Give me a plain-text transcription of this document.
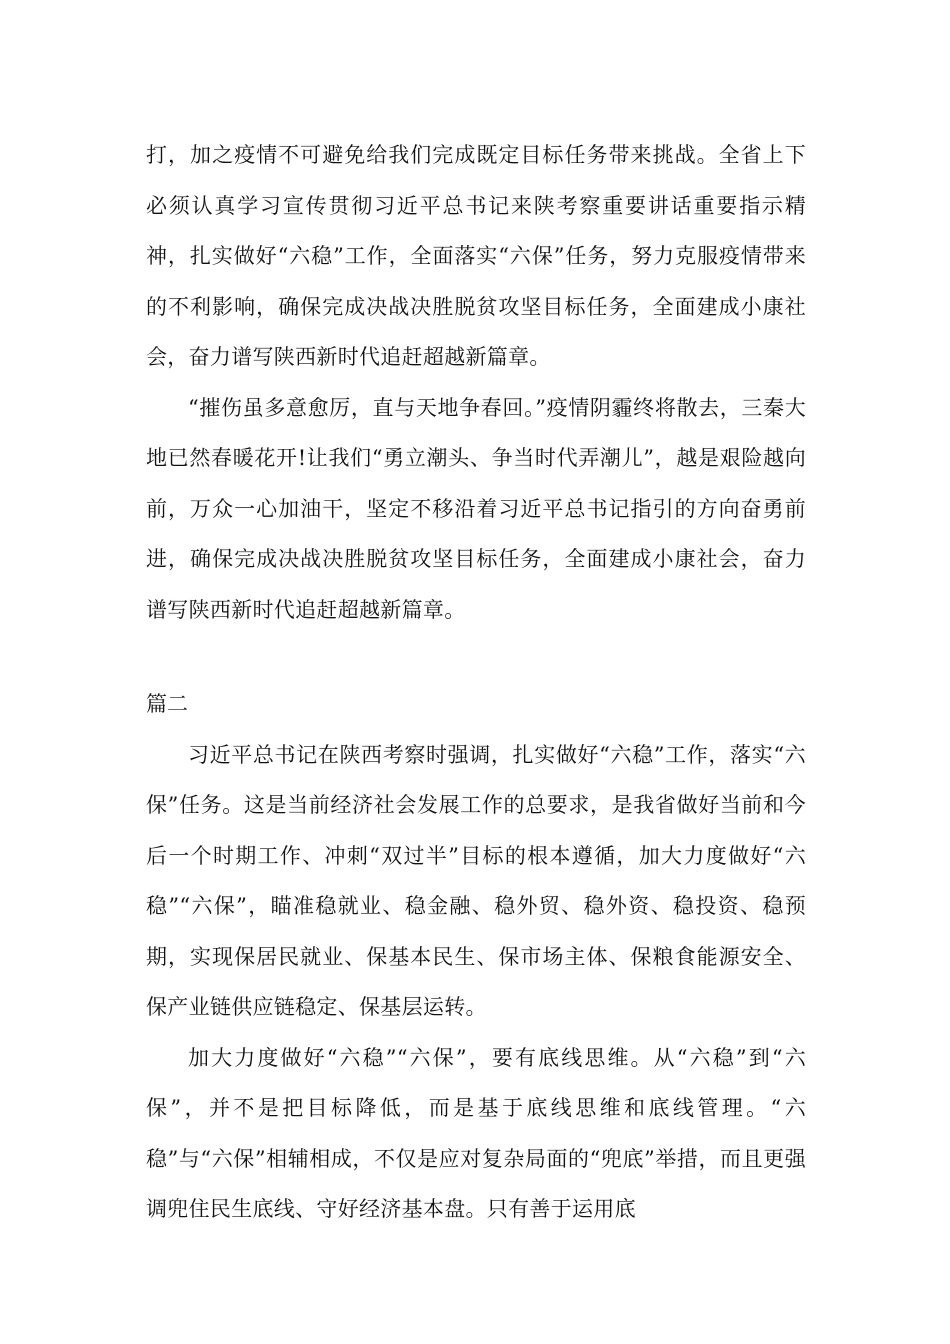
打，加之疫情不可避免给我们完成既定目标任务带来挑战。全省上下必须认真学习宣传贯彻习近平总书记来陕考察重要讲话重要指示精神，扎实做好“六稳”工作，全面落实“六保”任务，努力克服疫情带来的不利影响，确保完成决战决胜脱贫攻坚目标任务，全面建成小康社会，奋力谱写陕西新时代追赶超越新篇章。

“摧伤虽多意愈厉，直与天地争春回。”疫情阴霾终将散去，三秦大地已然春暖花开!让我们“勇立潮头、争当时代弄潮儿”，越是艰险越向前，万众一心加油干，坚定不移沿着习近平总书记指引的方向奋勇前进，确保完成决战决胜脱贫攻坚目标任务，全面建成小康社会，奋力谱写陕西新时代追赶超越新篇章。

篇二

习近平总书记在陕西考察时强调，扎实做好“六稳”工作，落实“六保”任务。这是当前经济社会发展工作的总要求，是我省做好当前和今后一个时期工作、冲刺“双过半”目标的根本遵循，加大力度做好“六稳”“六保”，瞄准稳就业、稳金融、稳外贸、稳外资、稳投资、稳预期，实现保居民就业、保基本民生、保市场主体、保粮食能源安全、保产业链供应链稳定、保基层运转。

加大力度做好“六稳”“六保”，要有底线思维。从“六稳”到“六保”，并不是把目标降低，而是基于底线思维和底线管理。“六稳”与“六保”相辅相成，不仅是应对复杂局面的“兜底”举措，而且更强调兜住民生底线、守好经济基本盘。只有善于运用底
